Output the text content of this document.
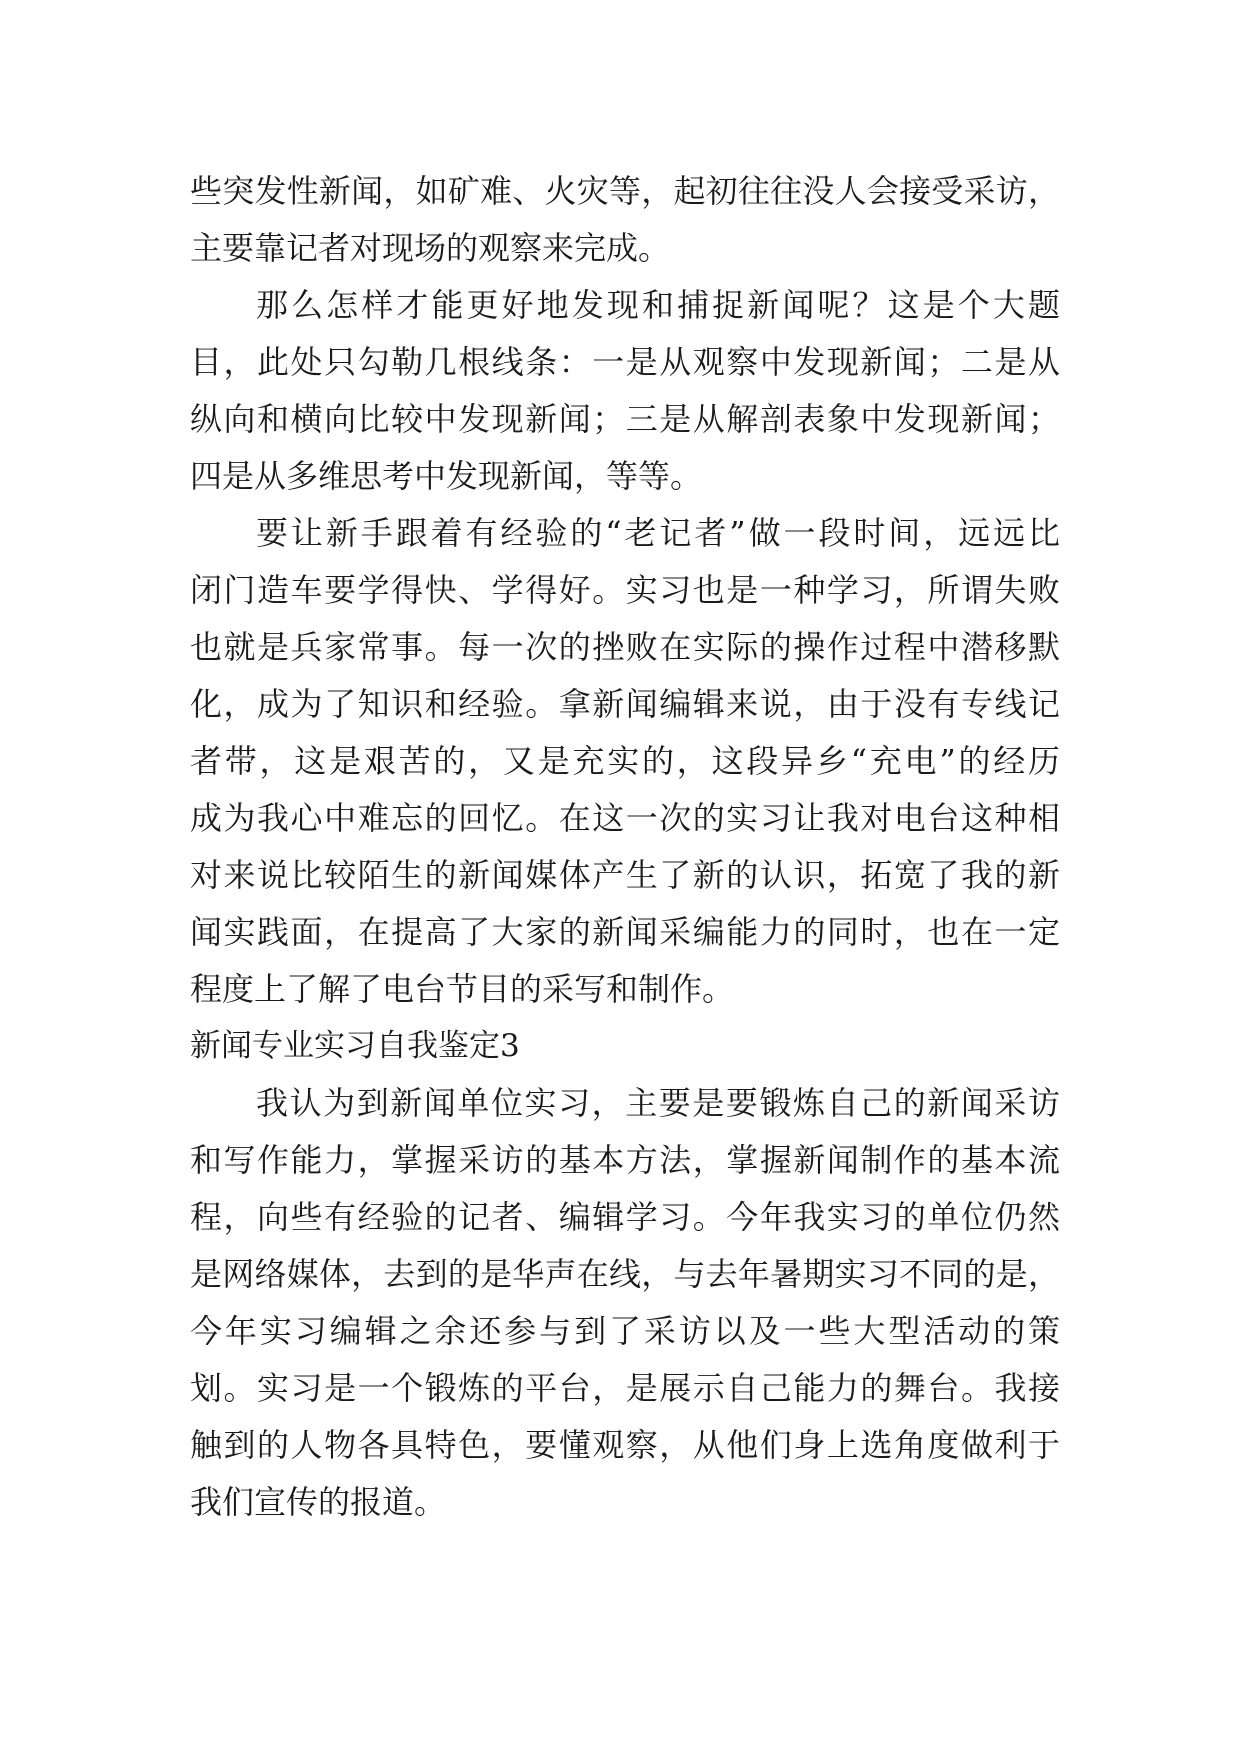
些突发性新闻，如矿难、火灾等，起初往往没人会接受采访，
主要靠记者对现场的观察来完成。
那么怎样才能更好地发现和捕捉新闻呢？这是个大题
目，此处只勾勒几根线条：一是从观察中发现新闻；二是从
纵向和横向比较中发现新闻；三是从解剖表象中发现新闻；
四是从多维思考中发现新闻，等等。
要让新手跟着有经验的“老记者”做一段时间，远远比
闭门造车要学得快、学得好。实习也是一种学习，所谓失败
也就是兵家常事。每一次的挫败在实际的操作过程中潜移默
化，成为了知识和经验。拿新闻编辑来说，由于没有专线记
者带，这是艰苦的，又是充实的，这段异乡“充电”的经历
成为我心中难忘的回忆。在这一次的实习让我对电台这种相
对来说比较陌生的新闻媒体产生了新的认识，拓宽了我的新
闻实践面，在提高了大家的新闻采编能力的同时，也在一定
程度上了解了电台节目的采写和制作。
新闻专业实习自我鉴定3
我认为到新闻单位实习，主要是要锻炼自己的新闻采访
和写作能力，掌握采访的基本方法，掌握新闻制作的基本流
程，向些有经验的记者、编辑学习。今年我实习的单位仍然
是网络媒体，去到的是华声在线，与去年暑期实习不同的是，
今年实习编辑之余还参与到了采访以及一些大型活动的策
划。实习是一个锻炼的平台，是展示自己能力的舞台。我接
触到的人物各具特色，要懂观察，从他们身上选角度做利于
我们宣传的报道。
